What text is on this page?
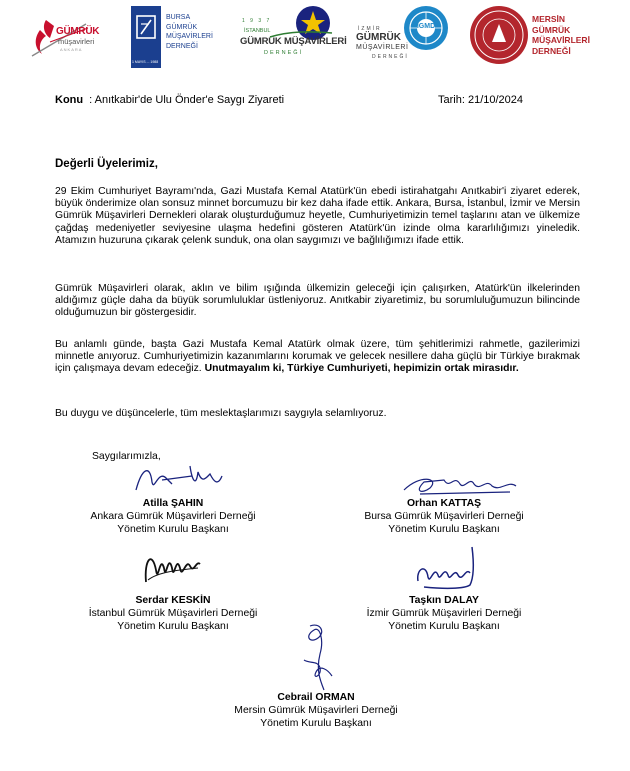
GÜMRÜK
müşavirleri
ANKARA
1 MAYIS ... 1988
BURSA
GÜMRÜK
MÜŞAVİRLERİ
DERNEĞİ
1 9 3 7
İSTANBUL
GÜMRÜK MÜŞAVİRLERİ
DERNEĞİ
İGMD
İZMİR
GÜMRÜK
MÜŞAVİRLERİ
DERNEĞİ
MERSİN
GÜMRÜK
MÜŞAVİRLERİ
DERNEĞİ
Konu : Anıtkabir'de Ulu Önder'e Saygı Ziyareti	Tarih: 21/10/2024
Değerli Üyelerimiz,

29 Ekim Cumhuriyet Bayramı'nda, Gazi Mustafa Kemal Atatürk'ün ebedi istirahatgahı Anıtkabir'i ziyaret ederek, büyük önderimize olan sonsuz minnet borcumuzu bir kez daha ifade ettik. Ankara, Bursa, İstanbul, İzmir ve Mersin Gümrük Müşavirleri Dernekleri olarak oluşturduğumuz heyetle, Cumhuriyetimizin temel taşlarını atan ve ülkemize çağdaş medeniyetler seviyesine ulaşma hedefini gösteren Atatürk'ün izinde olma kararlılığımızı yineledik. Atamızın huzuruna çıkarak çelenk sunduk, ona olan saygımızı ve bağlılığımızı ifade ettik.

Gümrük Müşavirleri olarak, aklın ve bilim ışığında ülkemizin geleceği için çalışırken, Atatürk'ün ilkelerinden aldığımız güçle daha da büyük sorumluluklar üstleniyoruz. Anıtkabir ziyaretimiz, bu sorumluluğumuzun bilincinde olduğumuzun bir göstergesidir.

Bu anlamlı günde, başta Gazi Mustafa Kemal Atatürk olmak üzere, tüm şehitlerimizi rahmetle, gazilerimizi minnetle anıyoruz. Cumhuriyetimizin kazanımlarını korumak ve gelecek nesillere daha güçlü bir Türkiye bırakmak için çalışmaya devam edeceğiz. Unutmayalım ki, Türkiye Cumhuriyeti, hepimizin ortak mirasıdır.

Bu duygu ve düşüncelerle, tüm meslektaşlarımızı saygıyla selamlıyoruz.

Saygılarımızla,
Atilla ŞAHIN
Ankara Gümrük Müşavirleri Derneği
Yönetim Kurulu Başkanı
Orhan KATTAŞ
Bursa Gümrük Müşavirleri Derneği
Yönetim Kurulu Başkanı
Serdar KESKİN
İstanbul Gümrük Müşavirleri Derneği
Yönetim Kurulu Başkanı
Taşkın DALAY
İzmir Gümrük Müşavirleri Derneği
Yönetim Kurulu Başkanı
Cebrail ORMAN
Mersin Gümrük Müşavirleri Derneği
Yönetim Kurulu Başkanı
